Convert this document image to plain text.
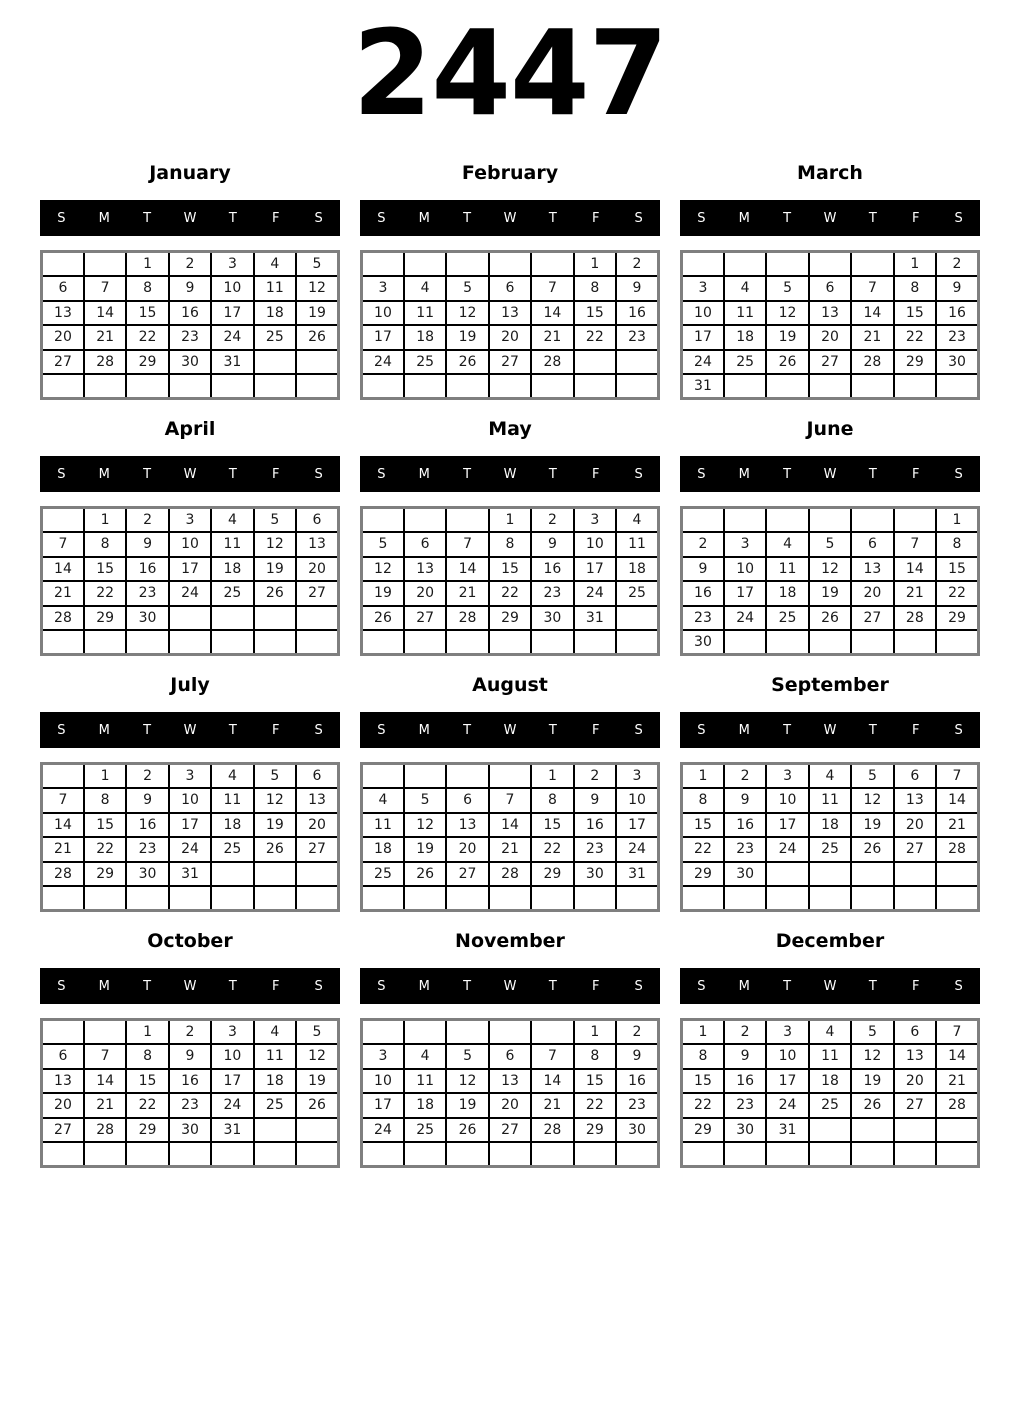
2447
January
S	M	T	W	T	F	S
		1	2	3	4	5
6	7	8	9	10	11	12
13	14	15	16	17	18	19
20	21	22	23	24	25	26
27	28	29	30	31		

February
S	M	T	W	T	F	S
					1	2
3	4	5	6	7	8	9
10	11	12	13	14	15	16
17	18	19	20	21	22	23
24	25	26	27	28		

March
S	M	T	W	T	F	S
					1	2
3	4	5	6	7	8	9
10	11	12	13	14	15	16
17	18	19	20	21	22	23
24	25	26	27	28	29	30
31						
April
S	M	T	W	T	F	S
	1	2	3	4	5	6
7	8	9	10	11	12	13
14	15	16	17	18	19	20
21	22	23	24	25	26	27
28	29	30				

May
S	M	T	W	T	F	S
			1	2	3	4
5	6	7	8	9	10	11
12	13	14	15	16	17	18
19	20	21	22	23	24	25
26	27	28	29	30	31	

June
S	M	T	W	T	F	S
						1
2	3	4	5	6	7	8
9	10	11	12	13	14	15
16	17	18	19	20	21	22
23	24	25	26	27	28	29
30						
July
S	M	T	W	T	F	S
	1	2	3	4	5	6
7	8	9	10	11	12	13
14	15	16	17	18	19	20
21	22	23	24	25	26	27
28	29	30	31			

August
S	M	T	W	T	F	S
				1	2	3
4	5	6	7	8	9	10
11	12	13	14	15	16	17
18	19	20	21	22	23	24
25	26	27	28	29	30	31

September
S	M	T	W	T	F	S
1	2	3	4	5	6	7
8	9	10	11	12	13	14
15	16	17	18	19	20	21
22	23	24	25	26	27	28
29	30					

October
S	M	T	W	T	F	S
		1	2	3	4	5
6	7	8	9	10	11	12
13	14	15	16	17	18	19
20	21	22	23	24	25	26
27	28	29	30	31		

November
S	M	T	W	T	F	S
					1	2
3	4	5	6	7	8	9
10	11	12	13	14	15	16
17	18	19	20	21	22	23
24	25	26	27	28	29	30

December
S	M	T	W	T	F	S
1	2	3	4	5	6	7
8	9	10	11	12	13	14
15	16	17	18	19	20	21
22	23	24	25	26	27	28
29	30	31				
